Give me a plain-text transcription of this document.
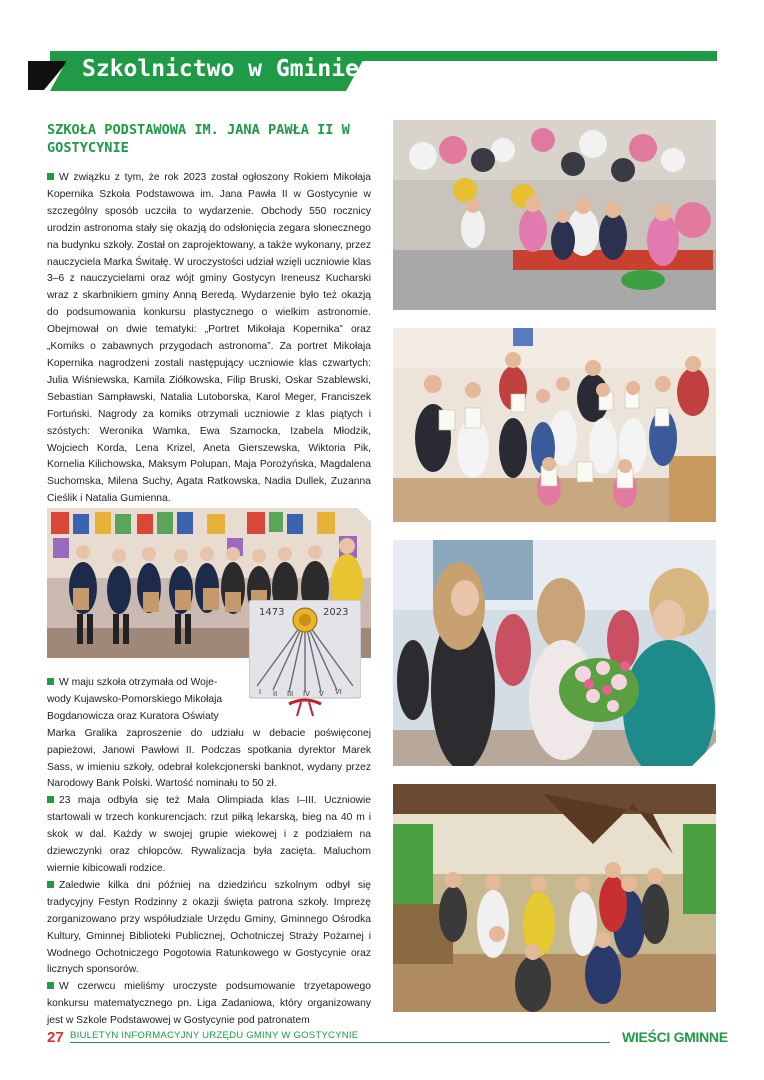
Szkolnictwo w Gminie
SZKOŁA PODSTAWOWA IM. JANA PAWŁA II W GOSTYCYNIE

W związku z tym, że rok 2023 został ogłoszony Rokiem Mikołaja Kopernika Szkoła Podstawowa im. Jana Pawła II w Gostycynie w szczególny sposób uczciła to wydarzenie. Obchody 550 rocznicy urodzin astronoma stały się okazją do odsłonięcia zegara słonecznego na budynku szkoły. Został on zaprojektowany, a także wykonany, przez nauczyciela Marka Świtałę. W uroczystości udział wzięli uczniowie klas 3–6 z nauczycielami oraz wójt gminy Gostycyn Ireneusz Kucharski wraz z skarbnikiem gminy Anną Beredą. Wydarzenie było też okazją do podsumowania konkursu plastycznego o wielkim astronomie. Obejmował on dwie tematyki: „Portret Mikołaja Kopernika” oraz „Komiks o zabawnych przygodach astronoma”. Za portret Mikołaja Kopernika nagrodzeni zostali następujący uczniowie klas czwartych: Julia Wiśniewska, Kamila Ziółkowska, Filip Bruski, Oskar Szablewski, Sebastian Sampławski, Natalia Lutoborska, Karol Meger, Franciszek Fortuński. Nagrody za komiks otrzymali uczniowie z klas piątych i szóstych: Weronika Wamka, Ewa Szamocka, Izabela Młodzik, Wojciech Korda, Lena Krizel, Aneta Gierszewska, Wiktoria Pik, Kornelia Kilichowska, Maksym Polupan, Maja Porożyńska, Magdalena Suchomska, Milena Suchy, Agata Ratkowska, Nadia Dullek, Zuzanna Cieślik i Natalia Gumienna.

1473	2023
I II III IV V VI

W maju szkoła otrzymała od Woje-

wody Kujawsko-Pomorskiego Mikołaja

Bogdanowicza oraz Kuratora Oświaty

Marka Gralika zaproszenie do udziału w debacie poświęconej papieżowi, Janowi Pawłowi II. Podczas spotkania dyrektor Marek Sass, w imieniu szkoły, odebrał kolekcjonerski banknot, wydany przez Narodowy Bank Polski. Wartość nominału to 50 zł.

23 maja odbyła się też Mała Olimpiada klas I–III. Uczniowie startowali w trzech konkurencjach: rzut piłką lekarską, bieg na 40 m i skok w dal. Każdy w swojej grupie wiekowej i z podziałem na dziewczynki oraz chłopców. Rywalizacja była zacięta. Maluchom wiernie kibicowali rodzice.

Zaledwie kilka dni później na dziedzińcu szkolnym odbył się tradycyjny Festyn Rodzinny z okazji święta patrona szkoły. Imprezę zorganizowano przy współudziale Urzędu Gminy, Gminnego Ośrodka Kultury, Gminnej Biblioteki Publicznej, Ochotniczej Straży Pożarnej i Wodnego Ochotniczego Pogotowia Ratunkowego w Gostycynie oraz licznych sponsorów.

W czerwcu mieliśmy uroczyste podsumowanie trzyetapowego konkursu matematycznego pn. Liga Zadaniowa, który organizowany jest w Szkole Podstawowej w Gostycynie pod patronatem

27 BIULETYN INFORMACYJNY URZĘDU GMINY W GOSTYCYNIE	WIEŚCI GMINNE
